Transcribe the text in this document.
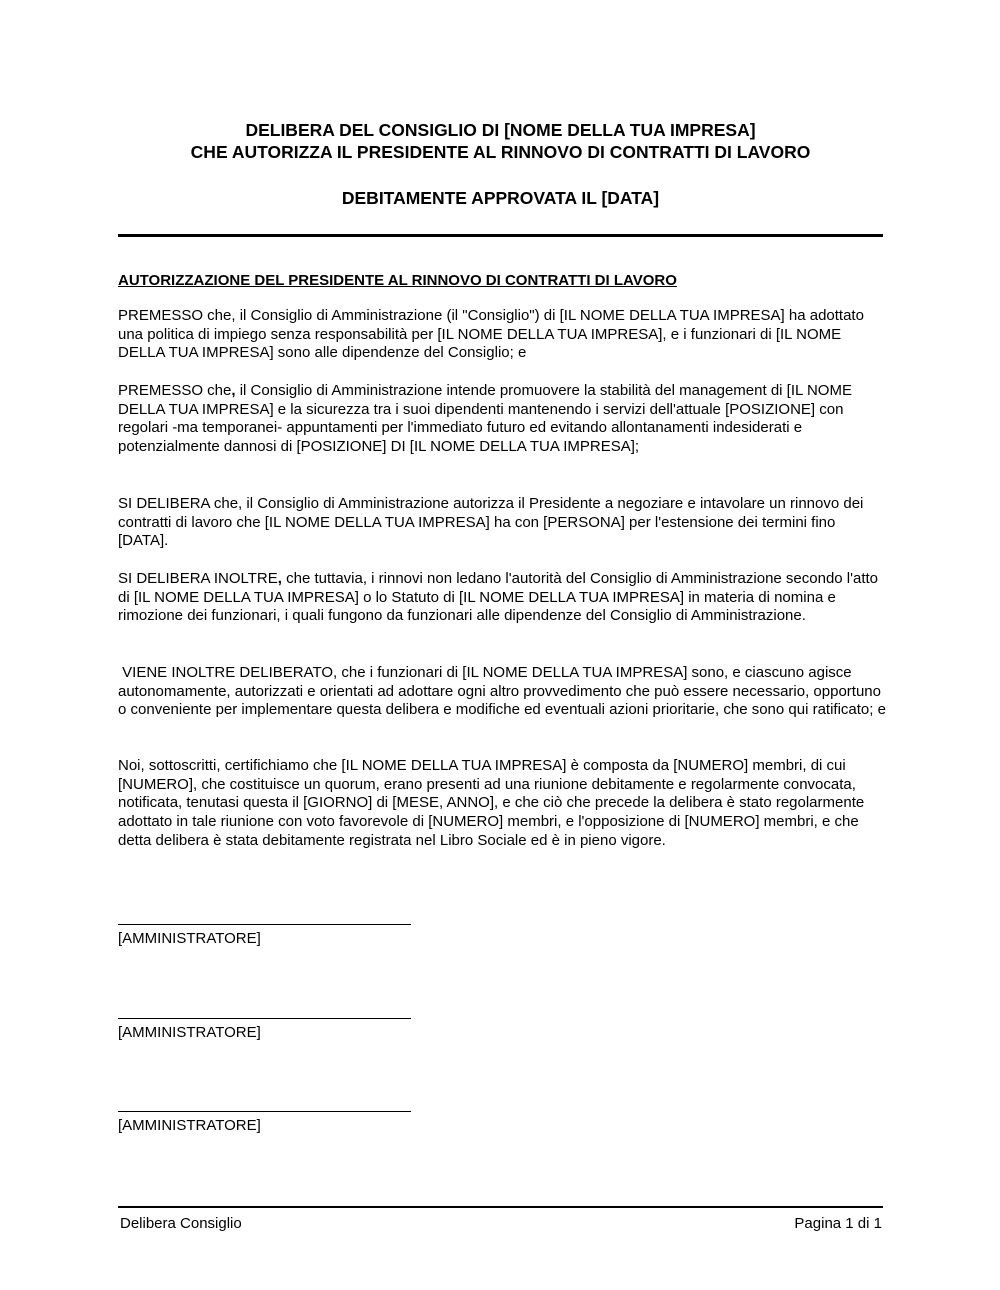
DELIBERA DEL CONSIGLIO DI [NOME DELLA TUA IMPRESA]
CHE AUTORIZZA IL PRESIDENTE AL RINNOVO DI CONTRATTI DI LAVORO
DEBITAMENTE APPROVATA IL [DATA]
AUTORIZZAZIONE DEL PRESIDENTE AL RINNOVO DI CONTRATTI DI LAVORO
PREMESSO che, il Consiglio di Amministrazione (il "Consiglio") di [IL NOME DELLA TUA IMPRESA] ha adottato una politica di impiego senza responsabilità per [IL NOME DELLA TUA IMPRESA], e i funzionari di [IL NOME DELLA TUA IMPRESA] sono alle dipendenze del Consiglio; e
PREMESSO che, il Consiglio di Amministrazione intende promuovere la stabilità del management di [IL NOME DELLA TUA IMPRESA] e la sicurezza tra i suoi dipendenti mantenendo i servizi dell'attuale [POSIZIONE] con regolari -ma temporanei- appuntamenti per l'immediato futuro ed evitando allontanamenti indesiderati e potenzialmente dannosi di [POSIZIONE] DI [IL NOME DELLA TUA IMPRESA];
SI DELIBERA che, il Consiglio di Amministrazione autorizza il Presidente a negoziare e intavolare un rinnovo dei contratti di lavoro che [IL NOME DELLA TUA IMPRESA] ha con [PERSONA] per l'estensione dei termini fino [DATA].
SI DELIBERA INOLTRE, che tuttavia, i rinnovi non ledano l'autorità del Consiglio di Amministrazione secondo l'atto di [IL NOME DELLA TUA IMPRESA] o lo Statuto di [IL NOME DELLA TUA IMPRESA] in materia di nomina e rimozione dei funzionari, i quali fungono da funzionari alle dipendenze del Consiglio di Amministrazione.
VIENE INOLTRE DELIBERATO, che i funzionari di [IL NOME DELLA TUA IMPRESA] sono, e ciascuno agisce autonomamente, autorizzati e orientati ad adottare ogni altro provvedimento che può essere necessario, opportuno o conveniente per implementare questa delibera e modifiche ed eventuali azioni prioritarie, che sono qui ratificato; e
Noi, sottoscritti, certifichiamo che [IL NOME DELLA TUA IMPRESA] è composta da [NUMERO] membri, di cui [NUMERO], che costituisce un quorum, erano presenti ad una riunione debitamente e regolarmente convocata, notificata, tenutasi questa il [GIORNO] di [MESE, ANNO], e che ciò che precede la delibera è stato regolarmente adottato in tale riunione con voto favorevole di [NUMERO] membri, e l'opposizione di [NUMERO] membri, e che detta delibera è stata debitamente registrata nel Libro Sociale ed è in pieno vigore.
[AMMINISTRATORE]
[AMMINISTRATORE]
[AMMINISTRATORE]
Delibera Consiglio	Pagina 1 di 1
